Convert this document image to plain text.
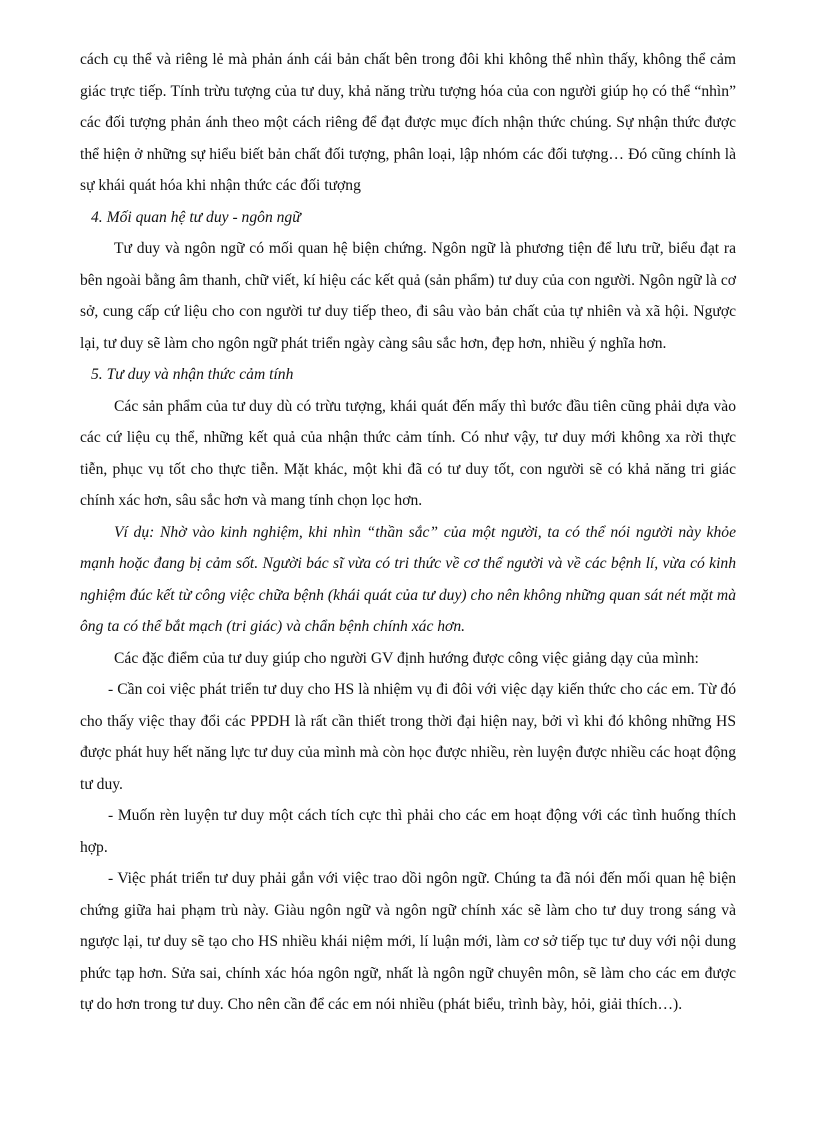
cách cụ thể và riêng lẻ mà phản ánh cái bản chất bên trong đôi khi không thể nhìn thấy, không thể cảm giác trực tiếp. Tính trừu tượng của tư duy, khả năng trừu tượng hóa của con người giúp họ có thể “nhìn” các đối tượng phản ánh theo một cách riêng để đạt được mục đích nhận thức chúng. Sự nhận thức được thể hiện ở những sự hiểu biết bản chất đối tượng, phân loại, lập nhóm các đối tượng… Đó cũng chính là sự khái quát hóa khi nhận thức các đối tượng

4. Mối quan hệ tư duy - ngôn ngữ

Tư duy và ngôn ngữ có mối quan hệ biện chứng. Ngôn ngữ là phương tiện để lưu trữ, biểu đạt ra bên ngoài bằng âm thanh, chữ viết, kí hiệu các kết quả (sản phẩm) tư duy của con người. Ngôn ngữ là cơ sở, cung cấp cứ liệu cho con người tư duy tiếp theo, đi sâu vào bản chất của tự nhiên và xã hội. Ngược lại, tư duy sẽ làm cho ngôn ngữ phát triển ngày càng sâu sắc hơn, đẹp hơn, nhiều ý nghĩa hơn.

5. Tư duy và nhận thức cảm tính

Các sản phẩm của tư duy dù có trừu tượng, khái quát đến mấy thì bước đầu tiên cũng phải dựa vào các cứ liệu cụ thể, những kết quả của nhận thức cảm tính. Có như vậy, tư duy mới không xa rời thực tiễn, phục vụ tốt cho thực tiễn. Mặt khác, một khi đã có tư duy tốt, con người sẽ có khả năng tri giác chính xác hơn, sâu sắc hơn và mang tính chọn lọc hơn.

Ví dụ: Nhờ vào kinh nghiệm, khi nhìn “thần sắc” của một người, ta có thể nói người này khỏe mạnh hoặc đang bị cảm sốt. Người bác sĩ vừa có tri thức về cơ thể người và về các bệnh lí, vừa có kinh nghiệm đúc kết từ công việc chữa bệnh (khái quát của tư duy) cho nên không những quan sát nét mặt mà ông ta có thể bắt mạch (tri giác) và chẩn bệnh chính xác hơn.

Các đặc điểm của tư duy giúp cho người GV định hướng được công việc giảng dạy của mình:

- Cần coi việc phát triển tư duy cho HS là nhiệm vụ đi đôi với việc dạy kiến thức cho các em. Từ đó cho thấy việc thay đổi các PPDH là rất cần thiết trong thời đại hiện nay, bởi vì khi đó không những HS được phát huy hết năng lực tư duy của mình mà còn học được nhiều, rèn luyện được nhiều các hoạt động tư duy.

- Muốn rèn luyện tư duy một cách tích cực thì phải cho các em hoạt động với các tình huống thích hợp.

- Việc phát triển tư duy phải gắn với việc trao dồi ngôn ngữ. Chúng ta đã nói đến mối quan hệ biện chứng giữa hai phạm trù này. Giàu ngôn ngữ và ngôn ngữ chính xác sẽ làm cho tư duy trong sáng và ngược lại, tư duy sẽ tạo cho HS nhiều khái niệm mới, lí luận mới, làm cơ sở tiếp tục tư duy với nội dung phức tạp hơn. Sửa sai, chính xác hóa ngôn ngữ, nhất là ngôn ngữ chuyên môn, sẽ làm cho các em được tự do hơn trong tư duy. Cho nên cần để các em nói nhiều (phát biểu, trình bày, hỏi, giải thích…).
